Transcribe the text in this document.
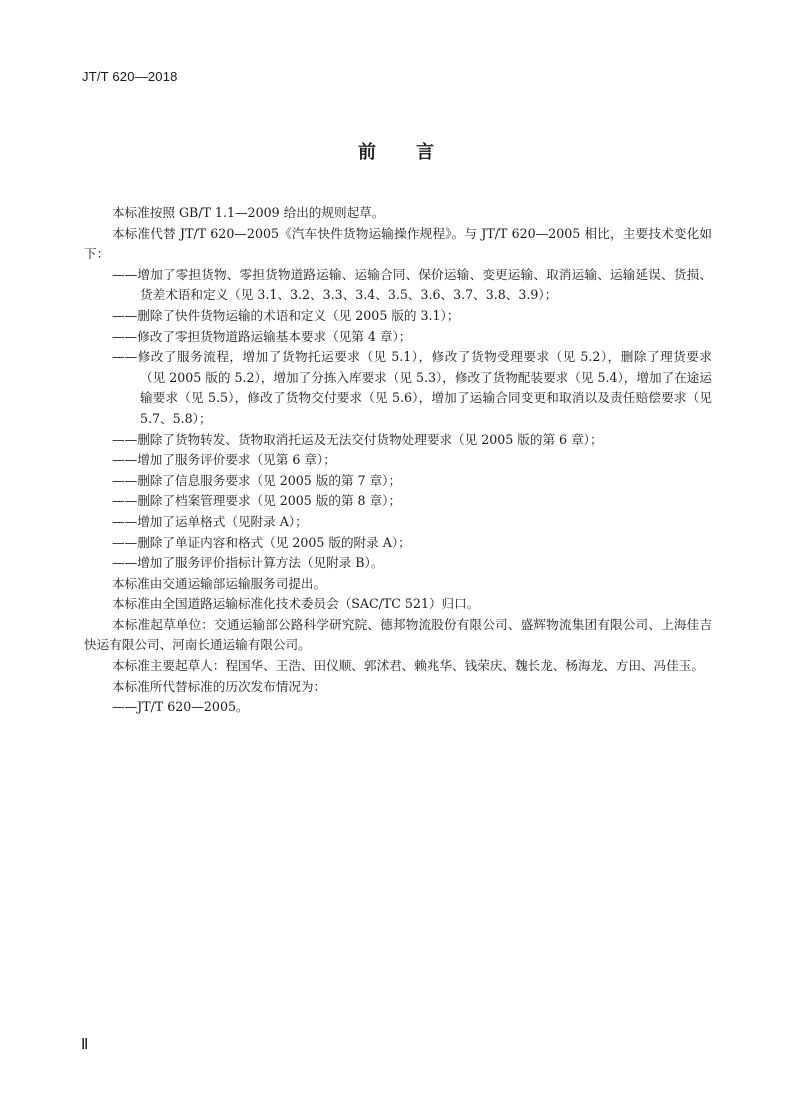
JT/T 620—2018
前言

本标准按照 GB/T 1.1—2009 给出的规则起草。

本标准代替 JT/T 620—2005《汽车快件货物运输操作规程》。与 JT/T 620—2005 相比，主要技术变化如下：

——增加了零担货物、零担货物道路运输、运输合同、保价运输、变更运输、取消运输、运输延误、货损、货差术语和定义（见 3.1、3.2、3.3、3.4、3.5、3.6、3.7、3.8、3.9）；

——删除了快件货物运输的术语和定义（见 2005 版的 3.1）；

——修改了零担货物道路运输基本要求（见第 4 章）；

——修改了服务流程，增加了货物托运要求（见 5.1），修改了货物受理要求（见 5.2），删除了理货要求（见 2005 版的 5.2），增加了分拣入库要求（见 5.3），修改了货物配装要求（见 5.4），增加了在途运输要求（见 5.5），修改了货物交付要求（见 5.6），增加了运输合同变更和取消以及责任赔偿要求（见 5.7、5.8）；

——删除了货物转发、货物取消托运及无法交付货物处理要求（见 2005 版的第 6 章）；

——增加了服务评价要求（见第 6 章）；

——删除了信息服务要求（见 2005 版的第 7 章）；

——删除了档案管理要求（见 2005 版的第 8 章）；

——增加了运单格式（见附录 A）；

——删除了单证内容和格式（见 2005 版的附录 A）；

——增加了服务评价指标计算方法（见附录 B）。

本标准由交通运输部运输服务司提出。

本标准由全国道路运输标准化技术委员会（SAC/TC 521）归口。

本标准起草单位：交通运输部公路科学研究院、德邦物流股份有限公司、盛辉物流集团有限公司、上海佳吉快运有限公司、河南长通运输有限公司。

本标准主要起草人：程国华、王浩、田仪顺、郭沭君、赖兆华、钱荣庆、魏长龙、杨海龙、方田、冯佳玉。

本标准所代替标准的历次发布情况为：

——JT/T 620—2005。

Ⅱ
